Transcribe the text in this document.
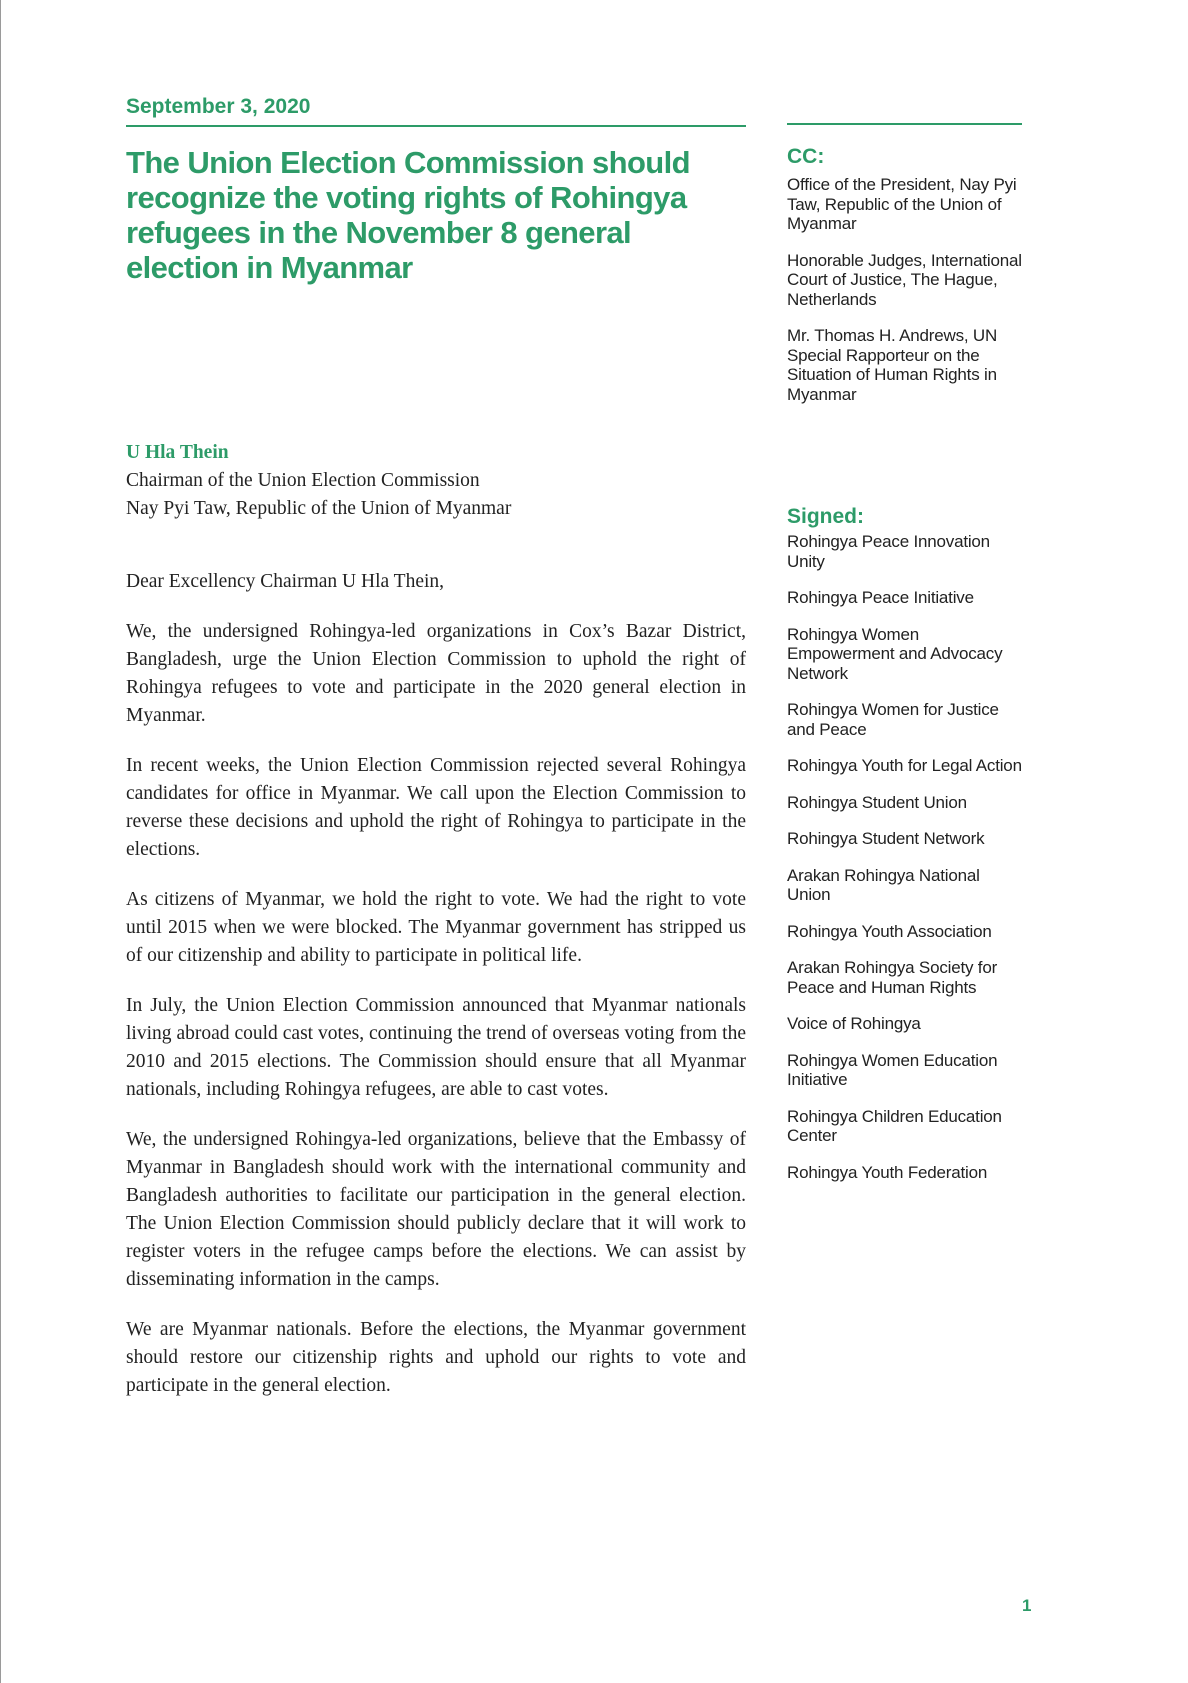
September 3, 2020
The Union Election Commission should recognize the voting rights of Rohingya refugees in the November 8 general election in Myanmar
U Hla Thein
Chairman of the Union Election Commission
Nay Pyi Taw, Republic of the Union of Myanmar

Dear Excellency Chairman U Hla Thein,

We, the undersigned Rohingya-led organizations in Cox’s Bazar District, Bangladesh, urge the Union Election Commission to uphold the right of Rohingya refugees to vote and participate in the 2020 general election in Myanmar.

In recent weeks, the Union Election Commission rejected several Rohingya candidates for office in Myanmar. We call upon the Election Commission to reverse these decisions and uphold the right of Rohingya to participate in the elections.

As citizens of Myanmar, we hold the right to vote. We had the right to vote until 2015 when we were blocked. The Myanmar government has stripped us of our citizenship and ability to participate in political life.

In July, the Union Election Commission announced that Myanmar nationals living abroad could cast votes, continuing the trend of overseas voting from the 2010 and 2015 elections. The Commission should ensure that all Myanmar nationals, including Rohingya refugees, are able to cast votes.

We, the undersigned Rohingya-led organizations, believe that the Embassy of Myanmar in Bangladesh should work with the international community and Bangladesh authorities to facilitate our participation in the general election. The Union Election Commission should publicly declare that it will work to register voters in the refugee camps before the elections. We can assist by disseminating information in the camps.

We are Myanmar nationals. Before the elections, the Myanmar government should restore our citizenship rights and uphold our rights to vote and participate in the general election.

CC:
Office of the President, Nay Pyi Taw, Republic of the Union of Myanmar
Honorable Judges, International Court of Justice, The Hague, Netherlands
Mr. Thomas H. Andrews, UN Special Rapporteur on the Situation of Human Rights in Myanmar
Signed:
Rohingya Peace Innovation Unity
Rohingya Peace Initiative
Rohingya Women Empowerment and Advocacy Network
Rohingya Women for Justice and Peace
Rohingya Youth for Legal Action
Rohingya Student Union
Rohingya Student Network
Arakan Rohingya National Union
Rohingya Youth Association
Arakan Rohingya Society for Peace and Human Rights
Voice of Rohingya
Rohingya Women Education Initiative
Rohingya Children Education Center
Rohingya Youth Federation
1
